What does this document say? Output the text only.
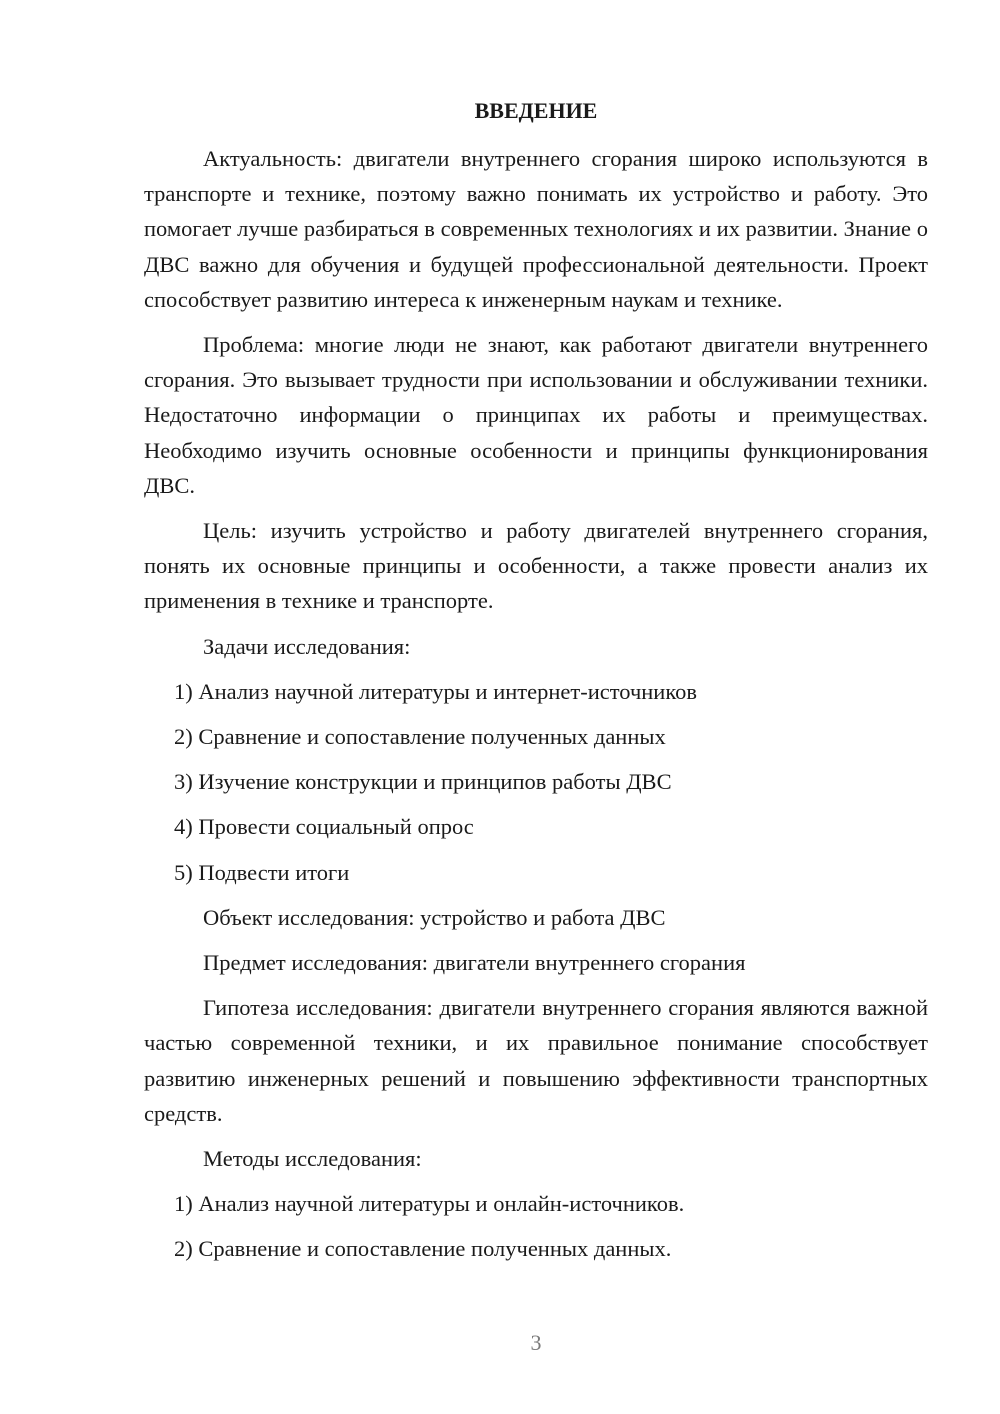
ВВЕДЕНИЕ

Актуальность: двигатели внутреннего сгорания широко используются в транспорте и технике, поэтому важно понимать их устройство и работу. Это помогает лучше разбираться в современных технологиях и их развитии. Знание о ДВС важно для обучения и будущей профессиональной деятельности. Проект способствует развитию интереса к инженерным наукам и технике.

Проблема: многие люди не знают, как работают двигатели внутреннего сгорания. Это вызывает трудности при использовании и обслуживании техники. Недостаточно информации о принципах их работы и преимуществах. Необходимо изучить основные особенности и принципы функционирования ДВС.

Цель: изучить устройство и работу двигателей внутреннего сгорания, понять их основные принципы и особенности, а также провести анализ их применения в технике и транспорте.

Задачи исследования:

1) Анализ научной литературы и интернет-источников

2) Сравнение и сопоставление полученных данных

3) Изучение конструкции и принципов работы ДВС

4) Провести социальный опрос

5) Подвести итоги

Объект исследования: устройство и работа ДВС

Предмет исследования: двигатели внутреннего сгорания

Гипотеза исследования: двигатели внутреннего сгорания являются важной частью современной техники, и их правильное понимание способствует развитию инженерных решений и повышению эффективности транспортных средств.

Методы исследования:

1) Анализ научной литературы и онлайн-источников.

2) Сравнение и сопоставление полученных данных.

3
